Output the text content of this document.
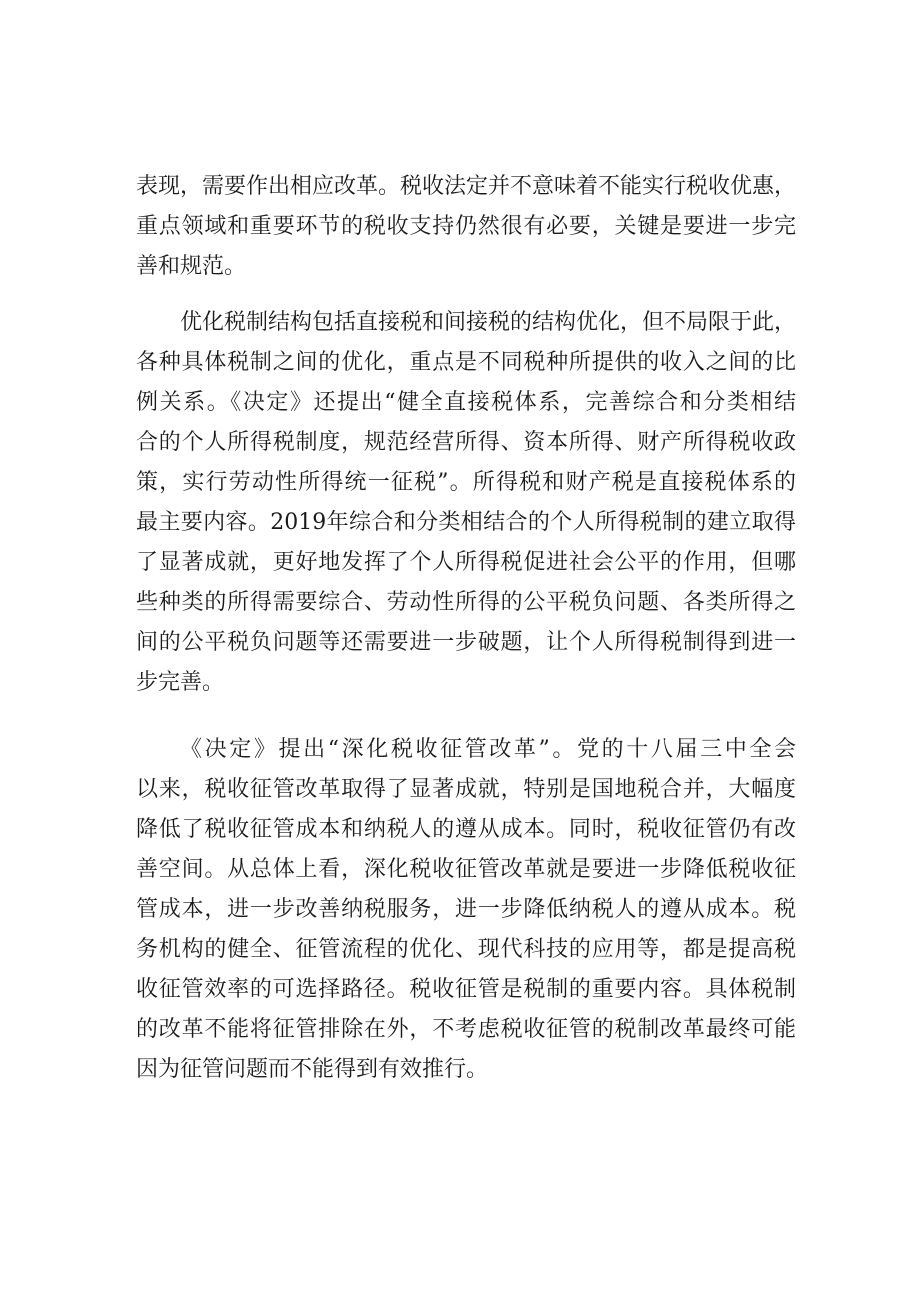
表现，需要作出相应改革。税收法定并不意味着不能实行税收优惠，
重点领域和重要环节的税收支持仍然很有必要，关键是要进一步完
善和规范。
优化税制结构包括直接税和间接税的结构优化，但不局限于此，
各种具体税制之间的优化，重点是不同税种所提供的收入之间的比
例关系。《决定》还提出“健全直接税体系，完善综合和分类相结
合的个人所得税制度，规范经营所得、资本所得、财产所得税收政
策，实行劳动性所得统一征税”。所得税和财产税是直接税体系的
最主要内容。2019年综合和分类相结合的个人所得税制的建立取得
了显著成就，更好地发挥了个人所得税促进社会公平的作用，但哪
些种类的所得需要综合、劳动性所得的公平税负问题、各类所得之
间的公平税负问题等还需要进一步破题，让个人所得税制得到进一
步完善。
《决定》提出“深化税收征管改革”。党的十八届三中全会
以来，税收征管改革取得了显著成就，特别是国地税合并，大幅度
降低了税收征管成本和纳税人的遵从成本。同时，税收征管仍有改
善空间。从总体上看，深化税收征管改革就是要进一步降低税收征
管成本，进一步改善纳税服务，进一步降低纳税人的遵从成本。税
务机构的健全、征管流程的优化、现代科技的应用等，都是提高税
收征管效率的可选择路径。税收征管是税制的重要内容。具体税制
的改革不能将征管排除在外，不考虑税收征管的税制改革最终可能
因为征管问题而不能得到有效推行。
